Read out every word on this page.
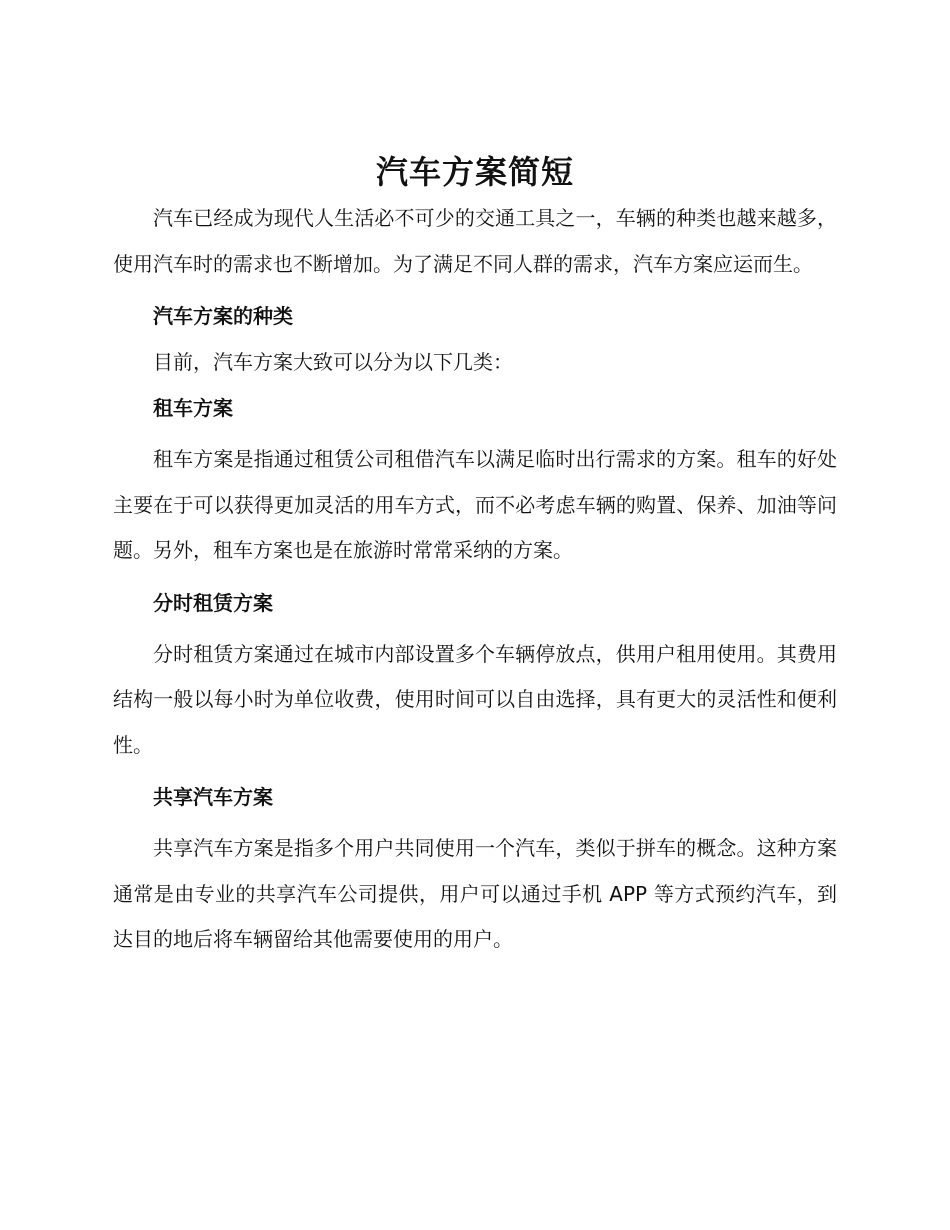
汽车方案简短

汽车已经成为现代人生活必不可少的交通工具之一，车辆的种类也越来越多，使用汽车时的需求也不断增加。为了满足不同人群的需求，汽车方案应运而生。

汽车方案的种类

目前，汽车方案大致可以分为以下几类：

租车方案

租车方案是指通过租赁公司租借汽车以满足临时出行需求的方案。租车的好处主要在于可以获得更加灵活的用车方式，而不必考虑车辆的购置、保养、加油等问题。另外，租车方案也是在旅游时常常采纳的方案。

分时租赁方案

分时租赁方案通过在城市内部设置多个车辆停放点，供用户租用使用。其费用结构一般以每小时为单位收费，使用时间可以自由选择，具有更大的灵活性和便利性。

共享汽车方案

共享汽车方案是指多个用户共同使用一个汽车，类似于拼车的概念。这种方案通常是由专业的共享汽车公司提供，用户可以通过手机 APP 等方式预约汽车，到达目的地后将车辆留给其他需要使用的用户。
